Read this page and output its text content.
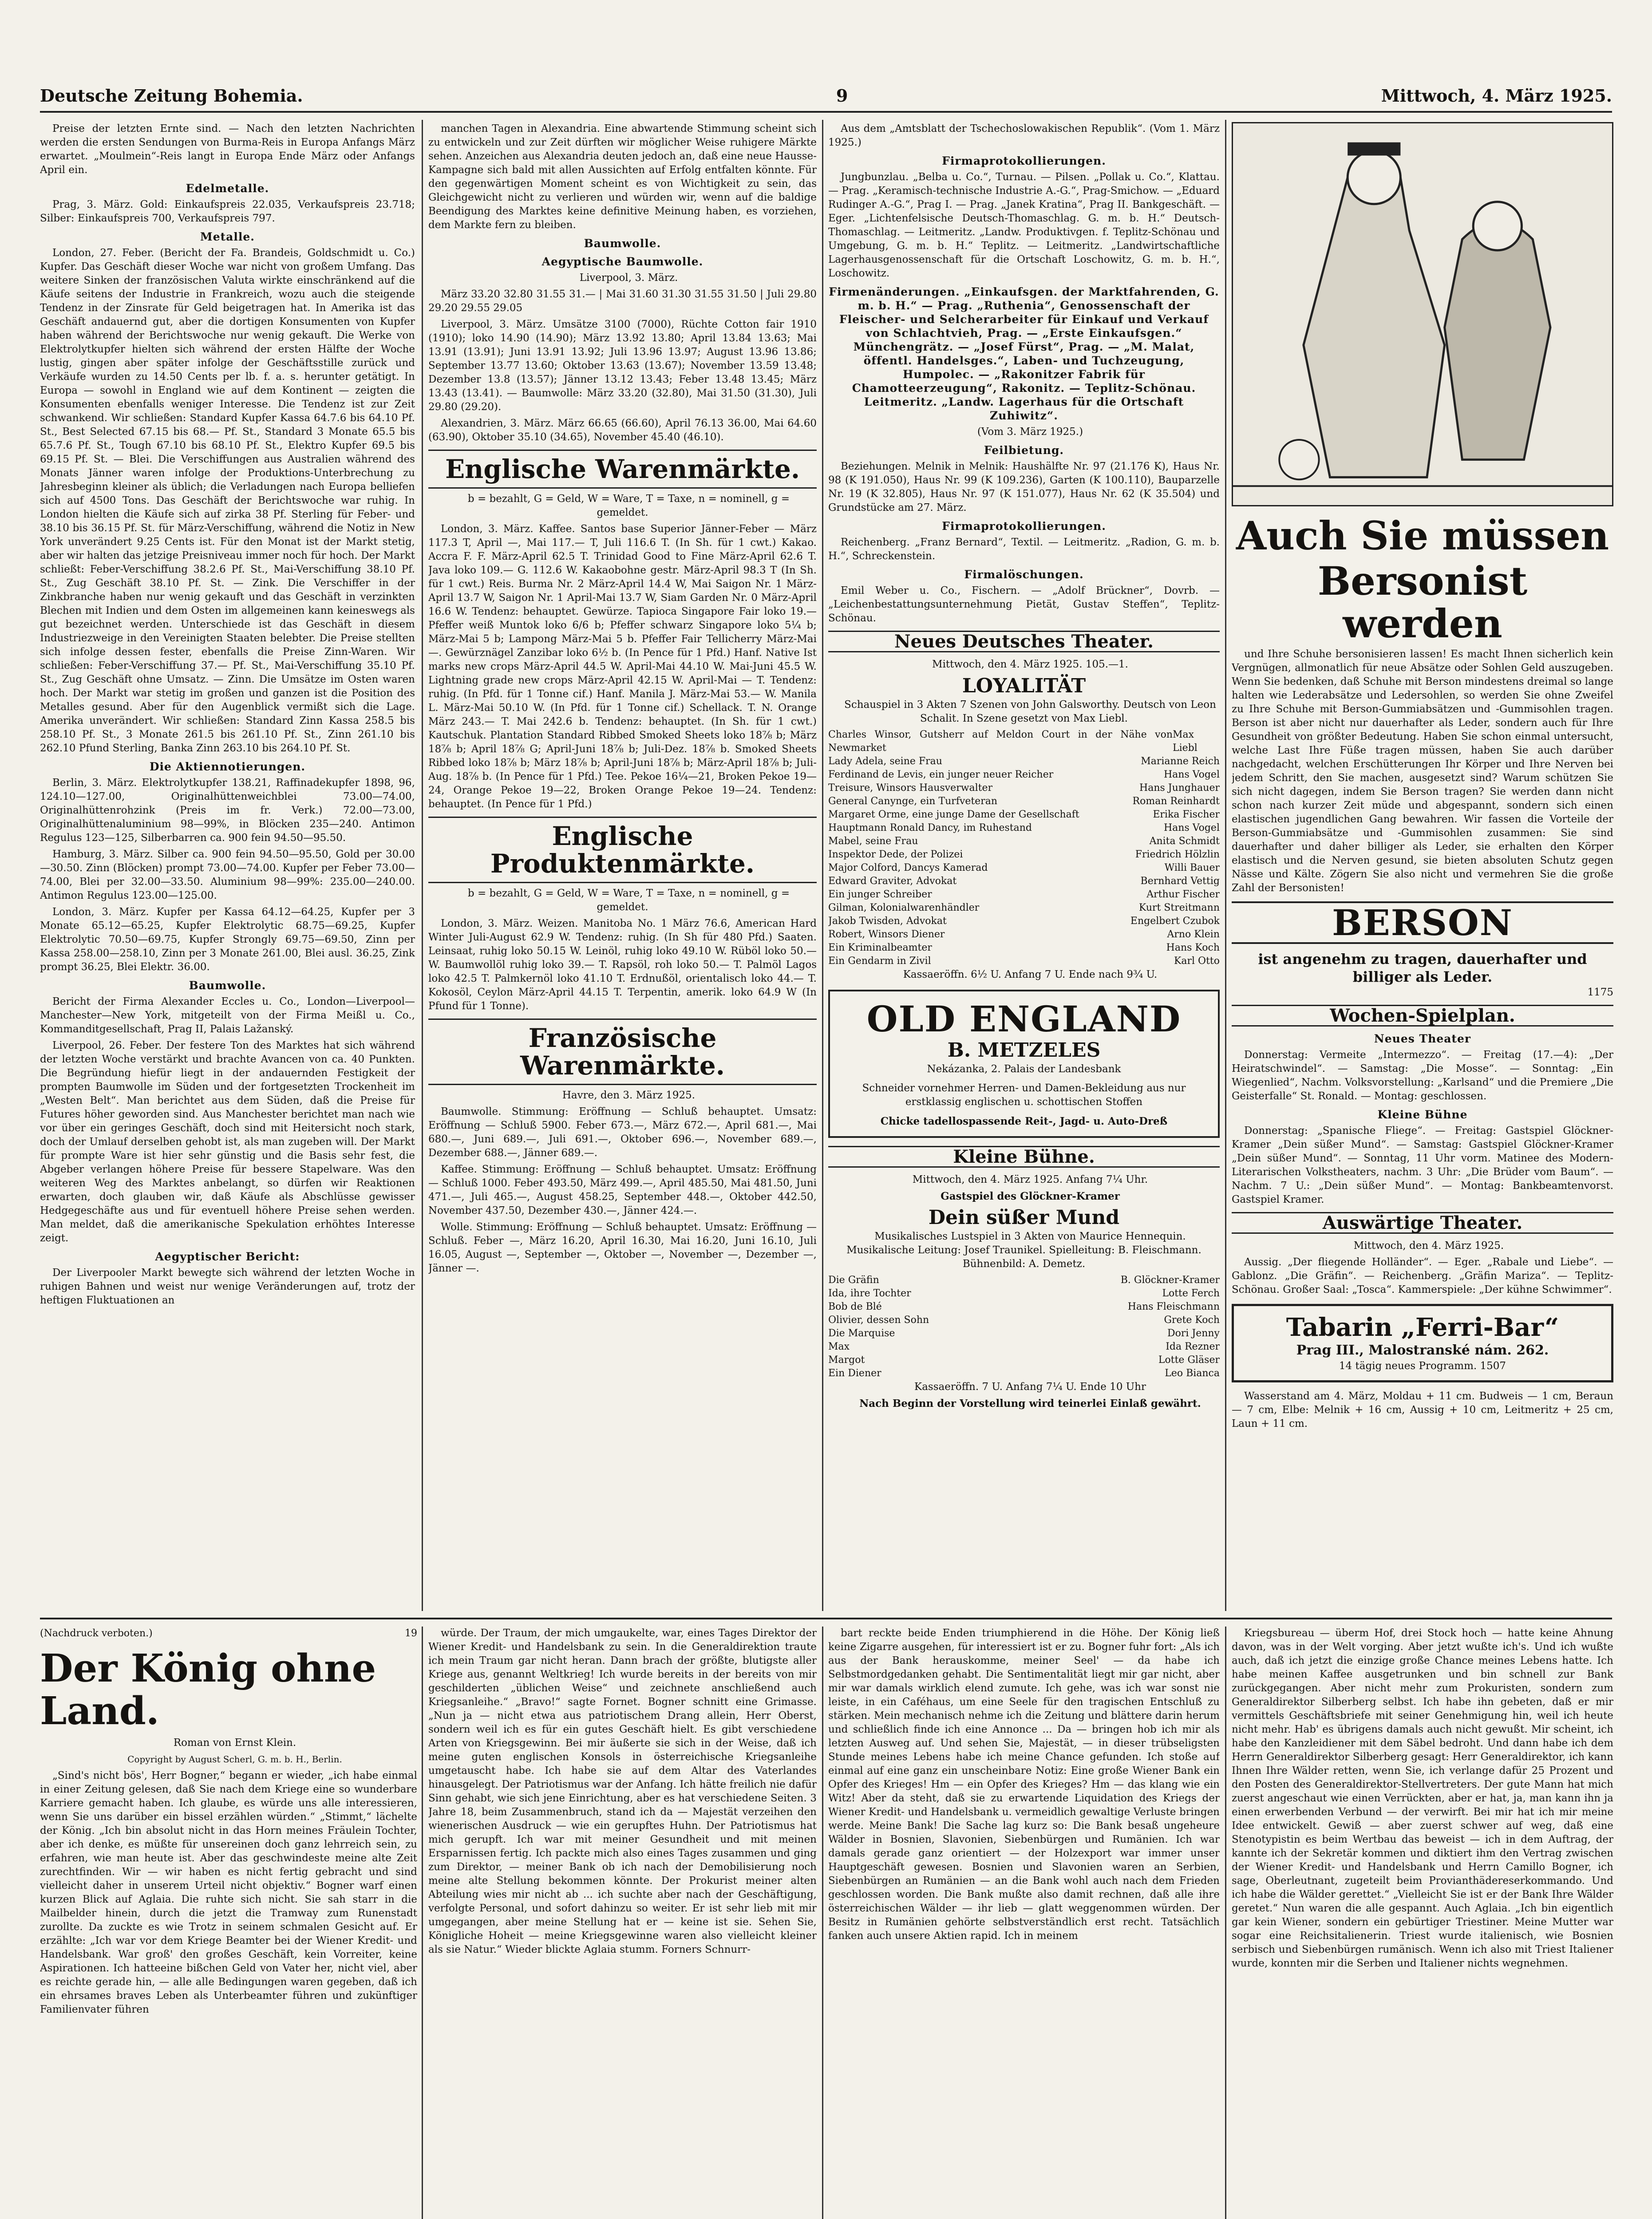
Deutsche Zeitung Bohemia.	9	Mittwoch, 4. März 1925.

Preise der letzten Ernte sind. — Nach den letzten Nachrichten werden die ersten Sendungen von Burma-Reis in Europa Anfangs März erwartet. „Moulmein“-Reis langt in Europa Ende März oder Anfangs April ein.

Edelmetalle.

Prag, 3. März. Gold: Einkaufspreis 22.035, Verkaufspreis 23.718; Silber: Einkaufspreis 700, Verkaufspreis 797.

Metalle.

London, 27. Feber. (Bericht der Fa. Brandeis, Goldschmidt u. Co.) Kupfer. Das Geschäft dieser Woche war nicht von großem Umfang. Das weitere Sinken der französischen Valuta wirkte einschränkend auf die Käufe seitens der Industrie in Frankreich, wozu auch die steigende Tendenz in der Zinsrate für Geld beigetragen hat. In Amerika ist das Geschäft andauernd gut, aber die dortigen Konsumenten von Kupfer haben während der Berichtswoche nur wenig gekauft. Die Werke von Elektrolytkupfer hielten sich während der ersten Hälfte der Woche lustig, gingen aber später infolge der Geschäftsstille zurück und Verkäufe wurden zu 14.50 Cents per lb. f. a. s. herunter getätigt. In Europa — sowohl in England wie auf dem Kontinent — zeigten die Konsumenten ebenfalls weniger Interesse. Die Tendenz ist zur Zeit schwankend. Wir schließen: Standard Kupfer Kassa 64.7.6 bis 64.10 Pf. St., Best Selected 67.15 bis 68.— Pf. St., Standard 3 Monate 65.5 bis 65.7.6 Pf. St., Tough 67.10 bis 68.10 Pf. St., Elektro Kupfer 69.5 bis 69.15 Pf. St. — Blei. Die Verschiffungen aus Australien während des Monats Jänner waren infolge der Produktions-Unterbrechung zu Jahresbeginn kleiner als üblich; die Verladungen nach Europa belliefen sich auf 4500 Tons. Das Geschäft der Berichtswoche war ruhig. In London hielten die Käufe sich auf zirka 38 Pf. Sterling für Feber- und 38.10 bis 36.15 Pf. St. für März-Verschiffung, während die Notiz in New York unverändert 9.25 Cents ist. Für den Monat ist der Markt stetig, aber wir halten das jetzige Preisniveau immer noch für hoch. Der Markt schließt: Feber-Verschiffung 38.2.6 Pf. St., Mai-Verschiffung 38.10 Pf. St., Zug Geschäft 38.10 Pf. St. — Zink. Die Verschiffer in der Zinkbranche haben nur wenig gekauft und das Geschäft in verzinkten Blechen mit Indien und dem Osten im allgemeinen kann keineswegs als gut bezeichnet werden. Unterschiede ist das Geschäft in diesem Industriezweige in den Vereinigten Staaten belebter. Die Preise stellten sich infolge dessen fester, ebenfalls die Preise Zinn-Waren. Wir schließen: Feber-Verschiffung 37.— Pf. St., Mai-Verschiffung 35.10 Pf. St., Zug Geschäft ohne Umsatz. — Zinn. Die Umsätze im Osten waren hoch. Der Markt war stetig im großen und ganzen ist die Position des Metalles gesund. Aber für den Augenblick vermißt sich die Lage. Amerika unverändert. Wir schließen: Standard Zinn Kassa 258.5 bis 258.10 Pf. St., 3 Monate 261.5 bis 261.10 Pf. St., Zinn 261.10 bis 262.10 Pfund Sterling, Banka Zinn 263.10 bis 264.10 Pf. St.

Die Aktiennotierungen.

Berlin, 3. März. Elektrolytkupfer 138.21, Raffinadekupfer 1898, 96, 124.10—127.00, Originalhüttenweichblei 73.00—74.00, Originalhüttenrohzink (Preis im fr. Verk.) 72.00—73.00, Originalhüttenaluminium 98—99%, in Blöcken 235—240. Antimon Regulus 123—125, Silberbarren ca. 900 fein 94.50—95.50.

Hamburg, 3. März. Silber ca. 900 fein 94.50—95.50, Gold per 30.00—30.50. Zinn (Blöcken) prompt 73.00—74.00. Kupfer per Feber 73.00—74.00, Blei per 32.00—33.50. Aluminium 98—99%: 235.00—240.00. Antimon Regulus 123.00—125.00.

London, 3. März. Kupfer per Kassa 64.12—64.25, Kupfer per 3 Monate 65.12—65.25, Kupfer Elektrolytic 68.75—69.25, Kupfer Elektrolytic 70.50—69.75, Kupfer Strongly 69.75—69.50, Zinn per Kassa 258.00—258.10, Zinn per 3 Monate 261.00, Blei ausl. 36.25, Zink prompt 36.25, Blei Elektr. 36.00.

Baumwolle.

Bericht der Firma Alexander Eccles u. Co., London—Liverpool—Manchester—New York, mitgeteilt von der Firma Meißl u. Co., Kommanditgesellschaft, Prag II, Palais Lažanský.

Liverpool, 26. Feber. Der festere Ton des Marktes hat sich während der letzten Woche verstärkt und brachte Avancen von ca. 40 Punkten. Die Begründung hiefür liegt in der andauernden Festigkeit der prompten Baumwolle im Süden und der fortgesetzten Trockenheit im „Westen Belt“. Man berichtet aus dem Süden, daß die Preise für Futures höher geworden sind. Aus Manchester berichtet man nach wie vor über ein geringes Geschäft, doch sind mit Heitersicht noch stark, doch der Umlauf derselben gehobt ist, als man zugeben will. Der Markt für prompte Ware ist hier sehr günstig und die Basis sehr fest, die Abgeber verlangen höhere Preise für bessere Stapelware. Was den weiteren Weg des Marktes anbelangt, so dürfen wir Reaktionen erwarten, doch glauben wir, daß Käufe als Abschlüsse gewisser Hedgegeschäfte aus und für eventuell höhere Preise sehen werden. Man meldet, daß die amerikanische Spekulation erhöhtes Interesse zeigt.

Aegyptischer Bericht:

Der Liverpooler Markt bewegte sich während der letzten Woche in ruhigen Bahnen und weist nur wenige Veränderungen auf, trotz der heftigen Fluktuationen an

manchen Tagen in Alexandria. Eine abwartende Stimmung scheint sich zu entwickeln und zur Zeit dürften wir möglicher Weise ruhigere Märkte sehen. Anzeichen aus Alexandria deuten jedoch an, daß eine neue Hausse-Kampagne sich bald mit allen Aussichten auf Erfolg entfalten könnte. Für den gegenwärtigen Moment scheint es von Wichtigkeit zu sein, das Gleichgewicht nicht zu verlieren und würden wir, wenn auf die baldige Beendigung des Marktes keine definitive Meinung haben, es vorziehen, dem Markte fern zu bleiben.

Baumwolle.
Aegyptische Baumwolle.

Liverpool, 3. März.

März 33.20 32.80 31.55 31.— | Mai 31.60 31.30 31.55 31.50 | Juli 29.80 29.20 29.55 29.05

Liverpool, 3. März. Umsätze 3100 (7000), Rüchte Cotton fair 1910 (1910); loko 14.90 (14.90); März 13.92 13.80; April 13.84 13.63; Mai 13.91 (13.91); Juni 13.91 13.92; Juli 13.96 13.97; August 13.96 13.86; September 13.77 13.60; Oktober 13.63 (13.67); November 13.59 13.48; Dezember 13.8 (13.57); Jänner 13.12 13.43; Feber 13.48 13.45; März 13.43 (13.41). — Baumwolle: März 33.20 (32.80), Mai 31.50 (31.30), Juli 29.80 (29.20).

Alexandrien, 3. März. März 66.65 (66.60), April 76.13 36.00, Mai 64.60 (63.90), Oktober 35.10 (34.65), November 45.40 (46.10).

Englische Warenmärkte.

b = bezahlt, G = Geld, W = Ware, T = Taxe, n = nominell, g = gemeldet.

London, 3. März. Kaffee. Santos base Superior Jänner-Feber — März 117.3 T, April —, Mai 117.— T, Juli 116.6 T. (In Sh. für 1 cwt.) Kakao. Accra F. F. März-April 62.5 T. Trinidad Good to Fine März-April 62.6 T. Java loko 109.— G. 112.6 W. Kakaobohne gestr. März-April 98.3 T (In Sh. für 1 cwt.) Reis. Burma Nr. 2 März-April 14.4 W, Mai Saigon Nr. 1 März-April 13.7 W, Saigon Nr. 1 April-Mai 13.7 W, Siam Garden Nr. 0 März-April 16.6 W. Tendenz: behauptet. Gewürze. Tapioca Singapore Fair loko 19.— Pfeffer weiß Muntok loko 6/6 b; Pfeffer schwarz Singapore loko 5¼ b; März-Mai 5 b; Lampong März-Mai 5 b. Pfeffer Fair Tellicherry März-Mai —. Gewürznägel Zanzibar loko 6½ b. (In Pence für 1 Pfd.) Hanf. Native Ist marks new crops März-April 44.5 W. April-Mai 44.10 W. Mai-Juni 45.5 W. Lightning grade new crops März-April 42.15 W. April-Mai — T. Tendenz: ruhig. (In Pfd. für 1 Tonne cif.) Hanf. Manila J. März-Mai 53.— W. Manila L. März-Mai 50.10 W. (In Pfd. für 1 Tonne cif.) Schellack. T. N. Orange März 243.— T. Mai 242.6 b. Tendenz: behauptet. (In Sh. für 1 cwt.) Kautschuk. Plantation Standard Ribbed Smoked Sheets loko 18⅞ b; März 18⅞ b; April 18⅞ G; April-Juni 18⅞ b; Juli-Dez. 18⅞ b. Smoked Sheets Ribbed loko 18⅞ b; März 18⅞ b; April-Juni 18⅞ b; März-April 18⅞ b; Juli-Aug. 18⅞ b. (In Pence für 1 Pfd.) Tee. Pekoe 16¼—21, Broken Pekoe 19—24, Orange Pekoe 19—22, Broken Orange Pekoe 19—24. Tendenz: behauptet. (In Pence für 1 Pfd.)

Englische Produktenmärkte.

b = bezahlt, G = Geld, W = Ware, T = Taxe, n = nominell, g = gemeldet.

London, 3. März. Weizen. Manitoba No. 1 März 76.6, American Hard Winter Juli-August 62.9 W. Tendenz: ruhig. (In Sh für 480 Pfd.) Saaten. Leinsaat, ruhig loko 50.15 W. Leinöl, ruhig loko 49.10 W. Rüböl loko 50.— W. Baumwollöl ruhig loko 39.— T. Rapsöl, roh loko 50.— T. Palmöl Lagos loko 42.5 T. Palmkernöl loko 41.10 T. Erdnußöl, orientalisch loko 44.— T. Kokosöl, Ceylon März-April 44.15 T. Terpentin, amerik. loko 64.9 W (In Pfund für 1 Tonne).

Französische Warenmärkte.

Havre, den 3. März 1925.

Baumwolle. Stimmung: Eröffnung — Schluß behauptet. Umsatz: Eröffnung — Schluß 5900. Feber 673.—, März 672.—, April 681.—, Mai 680.—, Juni 689.—, Juli 691.—, Oktober 696.—, November 689.—, Dezember 688.—, Jänner 689.—.

Kaffee. Stimmung: Eröffnung — Schluß behauptet. Umsatz: Eröffnung — Schluß 1000. Feber 493.50, März 499.—, April 485.50, Mai 481.50, Juni 471.—, Juli 465.—, August 458.25, September 448.—, Oktober 442.50, November 437.50, Dezember 430.—, Jänner 424.—.

Wolle. Stimmung: Eröffnung — Schluß behauptet. Umsatz: Eröffnung — Schluß. Feber —, März 16.20, April 16.30, Mai 16.20, Juni 16.10, Juli 16.05, August —, September —, Oktober —, November —, Dezember —, Jänner —.

Aus dem „Amtsblatt der Tschechoslowakischen Republik“. (Vom 1. März 1925.)

Firmaprotokollierungen.

Jungbunzlau. „Belba u. Co.“, Turnau. — Pilsen. „Pollak u. Co.“, Klattau. — Prag. „Keramisch-technische Industrie A.-G.“, Prag-Smichow. — „Eduard Rudinger A.-G.“, Prag I. — Prag. „Janek Kratina“, Prag II. Bankgeschäft. — Eger. „Lichtenfelsische Deutsch-Thomaschlag. G. m. b. H.“ Deutsch-Thomaschlag. — Leitmeritz. „Landw. Produktivgen. f. Teplitz-Schönau und Umgebung, G. m. b. H.“ Teplitz. — Leitmeritz. „Landwirtschaftliche Lagerhausgenossenschaft für die Ortschaft Loschowitz, G. m. b. H.“, Loschowitz.

Firmenänderungen. „Einkaufsgen. der Marktfahrenden, G. m. b. H.“ — Prag. „Ruthenia“, Genossenschaft der Fleischer- und Selcherarbeiter für Einkauf und Verkauf von Schlachtvieh, Prag. — „Erste Einkaufsgen.“ Münchengrätz. — „Josef Fürst“, Prag. — „M. Malat, öffentl. Handelsges.“, Laben- und Tuchzeugung, Humpolec. — „Rakonitzer Fabrik für Chamotteerzeugung“, Rakonitz. — Teplitz-Schönau. Leitmeritz. „Landw. Lagerhaus für die Ortschaft Zuhiwitz“.

(Vom 3. März 1925.)

Feilbietung.

Beziehungen. Melnik in Melnik: Haushälfte Nr. 97 (21.176 K), Haus Nr. 98 (K 191.050), Haus Nr. 99 (K 109.236), Garten (K 100.110), Bauparzelle Nr. 19 (K 32.805), Haus Nr. 97 (K 151.077), Haus Nr. 62 (K 35.504) und Grundstücke am 27. März.

Firmaprotokollierungen.

Reichenberg. „Franz Bernard“, Textil. — Leitmeritz. „Radion, G. m. b. H.“, Schreckenstein.

Firmalöschungen.

Emil Weber u. Co., Fischern. — „Adolf Brückner“, Dovrb. — „Leichenbestattungsunternehmung Pietät, Gustav Steffen“, Teplitz-Schönau.

Neues Deutsches Theater.

Mittwoch, den 4. März 1925. 105.—1.

LOYALITÄT

Schauspiel in 3 Akten 7 Szenen von John Galsworthy. Deutsch von Leon Schalit. In Szene gesetzt von Max Liebl.

Charles Winsor, Gutsherr auf Meldon Court in der Nähe von Newmarket
Max Liebl
Lady Adela, seine Frau	Marianne Reich
Ferdinand de Levis, ein junger neuer Reicher	Hans Vogel
Treisure, Winsors Hausverwalter	Hans Junghauer
General Canynge, ein Turfveteran	Roman Reinhardt
Margaret Orme, eine junge Dame der Gesellschaft	Erika Fischer
Hauptmann Ronald Dancy, im Ruhestand	Hans Vogel
Mabel, seine Frau	Anita Schmidt
Inspektor Dede, der Polizei	Friedrich Hölzlin
Major Colford, Dancys Kamerad	Willi Bauer
Edward Graviter, Advokat	Bernhard Vettig
Ein junger Schreiber	Arthur Fischer
Gilman, Kolonialwarenhändler	Kurt Streitmann
Jakob Twisden, Advokat	Engelbert Czubok
Robert, Winsors Diener	Arno Klein
Ein Kriminalbeamter	Hans Koch
Ein Gendarm in Zivil	Karl Otto

Kassaeröffn. 6½ U. Anfang 7 U. Ende nach 9¾ U.

OLD ENGLAND
B. METZELES
Nekázanka, 2. Palais der Landesbank
Schneider vornehmer Herren- und Damen-Bekleidung aus nur erstklassig englischen u. schottischen Stoffen
Chicke tadellospassende Reit-, Jagd- u. Auto-Dreß
Kleine Bühne.

Mittwoch, den 4. März 1925. Anfang 7¼ Uhr.

Gastspiel des Glöckner-Kramer

Dein süßer Mund

Musikalisches Lustspiel in 3 Akten von Maurice Hennequin. Musikalische Leitung: Josef Traunikel. Spielleitung: B. Fleischmann. Bühnenbild: A. Demetz.

Die Gräfin	B. Glöckner-Kramer
Ida, ihre Tochter	Lotte Ferch
Bob de Blé	Hans Fleischmann
Olivier, dessen Sohn	Grete Koch
Die Marquise	Dori Jenny
Max	Ida Rezner
Margot	Lotte Gläser
Ein Diener	Leo Bianca

Kassaeröffn. 7 U. Anfang 7¼ U. Ende 10 Uhr

Nach Beginn der Vorstellung wird teinerlei Einlaß gewährt.

Auch Sie müssen
Bersonist werden

und Ihre Schuhe bersonisieren lassen! Es macht Ihnen sicherlich kein Vergnügen, allmonatlich für neue Absätze oder Sohlen Geld auszugeben. Wenn Sie bedenken, daß Schuhe mit Berson mindestens dreimal so lange halten wie Lederabsätze und Ledersohlen, so werden Sie ohne Zweifel zu Ihre Schuhe mit Berson-Gummiabsätzen und -Gummisohlen tragen. Berson ist aber nicht nur dauerhafter als Leder, sondern auch für Ihre Gesundheit von größter Bedeutung. Haben Sie schon einmal untersucht, welche Last Ihre Füße tragen müssen, haben Sie auch darüber nachgedacht, welchen Erschütterungen Ihr Körper und Ihre Nerven bei jedem Schritt, den Sie machen, ausgesetzt sind? Warum schützen Sie sich nicht dagegen, indem Sie Berson tragen? Sie werden dann nicht schon nach kurzer Zeit müde und abgespannt, sondern sich einen elastischen jugendlichen Gang bewahren. Wir fassen die Vorteile der Berson-Gummiabsätze und -Gummisohlen zusammen: Sie sind dauerhafter und daher billiger als Leder, sie erhalten den Körper elastisch und die Nerven gesund, sie bieten absoluten Schutz gegen Nässe und Kälte. Zögern Sie also nicht und vermehren Sie die große Zahl der Bersonisten!

BERSON
ist angenehm zu tragen, dauerhafter und billiger als Leder.
1175
Wochen-Spielplan.
Neues Theater

Donnerstag: Vermeite „Intermezzo“. — Freitag (17.—4): „Der Heiratschwindel“. — Samstag: „Die Mosse“. — Sonntag: „Ein Wiegenlied“, Nachm. Volksvorstellung: „Karlsand“ und die Premiere „Die Geisterfalle“ St. Ronald. — Montag: geschlossen.

Kleine Bühne

Donnerstag: „Spanische Fliege“. — Freitag: Gastspiel Glöckner-Kramer „Dein süßer Mund“. — Samstag: Gastspiel Glöckner-Kramer „Dein süßer Mund“. — Sonntag, 11 Uhr vorm. Matinee des Modern-Literarischen Volkstheaters, nachm. 3 Uhr: „Die Brüder vom Baum“. — Nachm. 7 U.: „Dein süßer Mund“. — Montag: Bankbeamtenvorst. Gastspiel Kramer.

Auswärtige Theater.

Mittwoch, den 4. März 1925.

Aussig. „Der fliegende Holländer“. — Eger. „Rabale und Liebe“. — Gablonz. „Die Gräfin“. — Reichenberg. „Gräfin Mariza“. — Teplitz-Schönau. Großer Saal: „Tosca“. Kammerspiele: „Der kühne Schwimmer“.

Tabarin „Ferri-Bar“
Prag III., Malostranské nám. 262.
14 tägig neues Programm. 1507

Wasserstand am 4. März, Moldau + 11 cm. Budweis — 1 cm, Beraun — 7 cm, Elbe: Melnik + 16 cm, Aussig + 10 cm, Leitmeritz + 25 cm, Laun + 11 cm.

(Nachdruck verboten.)	19
Der König ohne Land.

Roman von Ernst Klein.

Copyright by August Scherl, G. m. b. H., Berlin.

„Sind's nicht bös', Herr Bogner,“ begann er wieder, „ich habe einmal in einer Zeitung gelesen, daß Sie nach dem Kriege eine so wunderbare Karriere gemacht haben. Ich glaube, es würde uns alle interessieren, wenn Sie uns darüber ein bissel erzählen würden.“ „Stimmt,“ lächelte der König. „Ich bin absolut nicht in das Horn meines Fräulein Tochter, aber ich denke, es müßte für unsereinen doch ganz lehrreich sein, zu erfahren, wie man heute ist. Aber das geschwindeste meine alte Zeit zurechtfinden. Wir — wir haben es nicht fertig gebracht und sind vielleicht daher in unserem Urteil nicht objektiv.“ Bogner warf einen kurzen Blick auf Aglaia. Die ruhte sich nicht. Sie sah starr in die Mailbelder hinein, durch die jetzt die Tramway zum Runenstadt zurollte. Da zuckte es wie Trotz in seinem schmalen Gesicht auf. Er erzählte: „Ich war vor dem Kriege Beamter bei der Wiener Kredit- und Handelsbank. War groß' den großes Geschäft, kein Vorreiter, keine Aspirationen. Ich hatteeine bißchen Geld von Vater her, nicht viel, aber es reichte gerade hin, — alle alle Bedingungen waren gegeben, daß ich ein ehrsames braves Leben als Unterbeamter führen und zukünftiger Familienvater führen

würde. Der Traum, der mich umgaukelte, war, eines Tages Direktor der Wiener Kredit- und Handelsbank zu sein. In die Generaldirektion traute ich mein Traum gar nicht heran. Dann brach der größte, blutigste aller Kriege aus, genannt Weltkrieg! Ich wurde bereits in der bereits von mir geschilderten „üblichen Weise“ und zeichnete anschließend auch Kriegsanleihe.“ „Bravo!“ sagte Fornet. Bogner schnitt eine Grimasse. „Nun ja — nicht etwa aus patriotischem Drang allein, Herr Oberst, sondern weil ich es für ein gutes Geschäft hielt. Es gibt verschiedene Arten von Kriegsgewinn. Bei mir äußerte sie sich in der Weise, daß ich meine guten englischen Konsols in österreichische Kriegsanleihe umgetauscht habe. Ich habe sie auf dem Altar des Vaterlandes hinausgelegt. Der Patriotismus war der Anfang. Ich hätte freilich nie dafür Sinn gehabt, wie sich jene Einrichtung, aber es hat verschiedene Seiten. 3 Jahre 18, beim Zusammenbruch, stand ich da — Majestät verzeihen den wienerischen Ausdruck — wie ein gerupftes Huhn. Der Patriotismus hat mich gerupft. Ich war mit meiner Gesundheit und mit meinen Ersparnissen fertig. Ich packte mich also eines Tages zusammen und ging zum Direktor, — meiner Bank ob ich nach der Demobilisierung noch meine alte Stellung bekommen könnte. Der Prokurist meiner alten Abteilung wies mir nicht ab ... ich suchte aber nach der Geschäftigung, verfolgte Personal, und sofort dahinzu so weiter. Er ist sehr lieb mit mir umgegangen, aber meine Stellung hat er — keine ist sie. Sehen Sie, Königliche Hoheit — meine Kriegsgewinne waren also vielleicht kleiner als sie Natur.“ Wieder blickte Aglaia stumm. Forners Schnurr-

bart reckte beide Enden triumphierend in die Höhe. Der König ließ keine Zigarre ausgehen, für interessiert ist er zu. Bogner fuhr fort: „Als ich aus der Bank herauskomme, meiner Seel' — da habe ich Selbstmordgedanken gehabt. Die Sentimentalität liegt mir gar nicht, aber mir war damals wirklich elend zumute. Ich gehe, was ich war sonst nie leiste, in ein Caféhaus, um eine Seele für den tragischen Entschluß zu stärken. Mein mechanisch nehme ich die Zeitung und blättere darin herum und schließlich finde ich eine Annonce ... Da — bringen hob ich mir als letzten Ausweg auf. Und sehen Sie, Majestät, — in dieser trübseligsten Stunde meines Lebens habe ich meine Chance gefunden. Ich stoße auf einmal auf eine ganz ein unscheinbare Notiz: Eine große Wiener Bank ein Opfer des Krieges! Hm — ein Opfer des Krieges? Hm — das klang wie ein Witz! Aber da steht, daß sie zu erwartende Liquidation des Kriegs der Wiener Kredit- und Handelsbank u. vermeidlich gewaltige Verluste bringen werde. Meine Bank! Die Sache lag kurz so: Die Bank besaß ungeheure Wälder in Bosnien, Slavonien, Siebenbürgen und Rumänien. Ich war damals gerade ganz orientiert — der Holzexport war immer unser Hauptgeschäft gewesen. Bosnien und Slavonien waren an Serbien, Siebenbürgen an Rumänien — an die Bank wohl auch nach dem Frieden geschlossen worden. Die Bank mußte also damit rechnen, daß alle ihre österreichischen Wälder — ihr lieb — glatt weggenommen würden. Der Besitz in Rumänien gehörte selbstverständlich erst recht. Tatsächlich fanken auch unsere Aktien rapid. Ich in meinem

Kriegsbureau — überm Hof, drei Stock hoch — hatte keine Ahnung davon, was in der Welt vorging. Aber jetzt wußte ich's. Und ich wußte auch, daß ich jetzt die einzige große Chance meines Lebens hatte. Ich habe meinen Kaffee ausgetrunken und bin schnell zur Bank zurückgegangen. Aber nicht mehr zum Prokuristen, sondern zum Generaldirektor Silberberg selbst. Ich habe ihn gebeten, daß er mir vermittels Geschäftsbriefe mit seiner Genehmigung hin, weil ich heute nicht mehr. Hab' es übrigens damals auch nicht gewußt. Mir scheint, ich habe den Kanzleidiener mit dem Säbel bedroht. Und dann habe ich dem Herrn Generaldirektor Silberberg gesagt: Herr Generaldirektor, ich kann Ihnen Ihre Wälder retten, wenn Sie, ich verlange dafür 25 Prozent und den Posten des Generaldirektor-Stellvertreters. Der gute Mann hat mich zuerst angeschaut wie einen Verrückten, aber er hat, ja, man kann ihn ja einen erwerbenden Verbund — der verwirft. Bei mir hat ich mir meine Idee entwickelt. Gewiß — aber zuerst schwer auf weg, daß eine Stenotypistin es beim Wertbau das beweist — ich in dem Auftrag, der kannte ich der Sekretär kommen und diktiert ihm den Vertrag zwischen der Wiener Kredit- und Handelsbank und Herrn Camillo Bogner, ich sage, Oberleutnant, zugeteilt beim Provianthädereserkommando. Und ich habe die Wälder gerettet.“ „Vielleicht Sie ist er der Bank Ihre Wälder geretet.“ Nun waren die alle gespannt. Auch Aglaia. „Ich bin eigentlich gar kein Wiener, sondern ein gebürtiger Triestiner. Meine Mutter war sogar eine Reichsitalienerin. Triest wurde italienisch, wie Bosnien serbisch und Siebenbürgen rumänisch. Wenn ich also mit Triest Italiener wurde, konnten mir die Serben und Italiener nichts wegnehmen.
